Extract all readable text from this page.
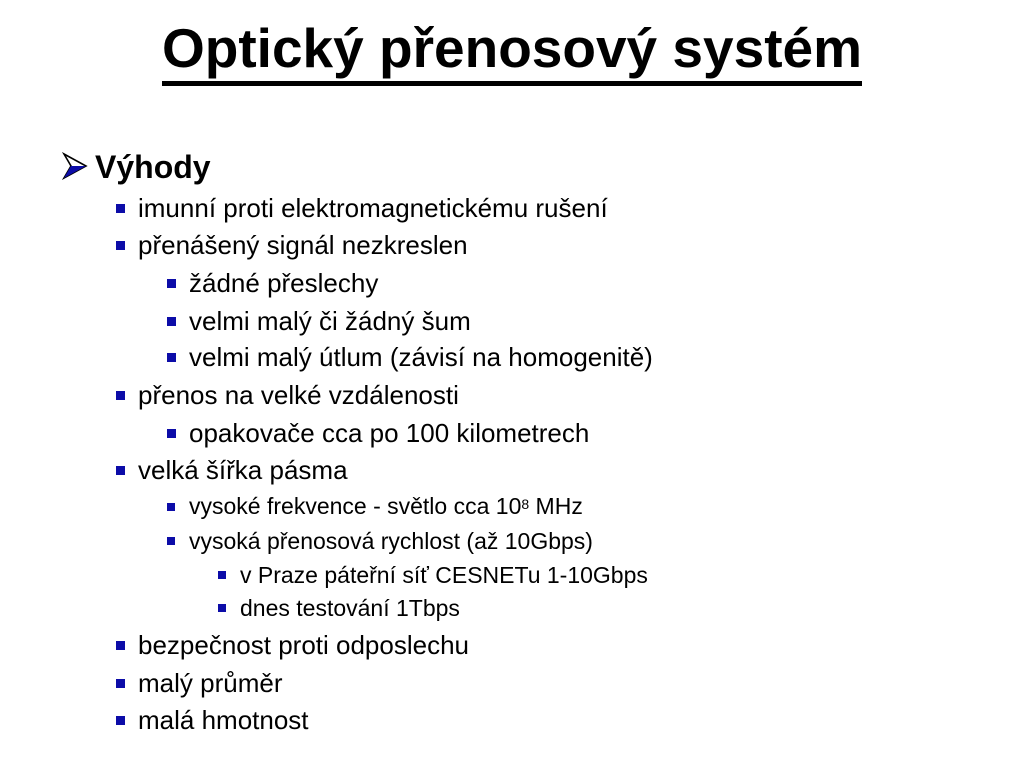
Optický přenosový systém
Výhody
imunní proti elektromagnetickému rušení
přenášený signál nezkreslen
žádné přeslechy
velmi malý či žádný šum
velmi malý útlum (závisí na homogenitě)
přenos na velké vzdálenosti
opakovače cca po 100 kilometrech
velká šířka pásma
vysoké frekvence - světlo cca $10^8$ MHz
vysoká přenosová rychlost (až 10Gbps)
v Praze páteřní síť CESNETu 1-10Gbps
dnes testování 1Tbps
bezpečnost proti odposlechu
malý průměr
malá hmotnost
